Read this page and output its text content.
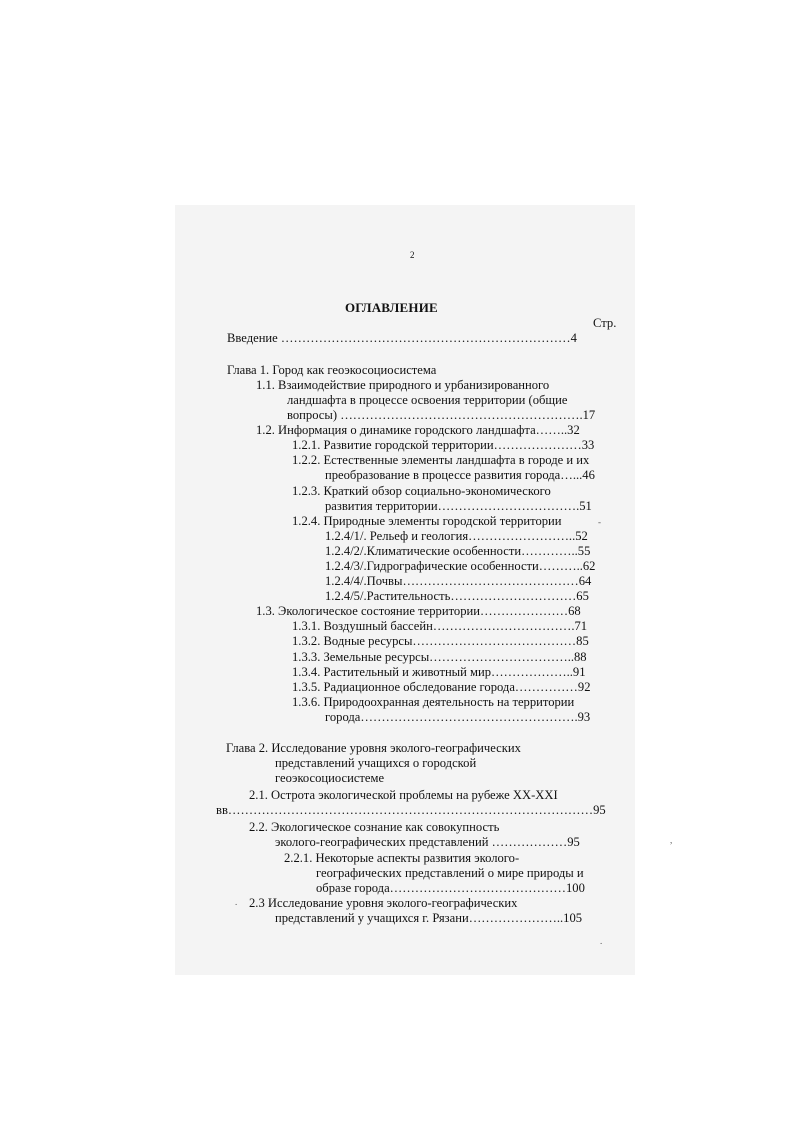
2
ОГЛАВЛЕНИЕ
Стр.
Введение ……………………………………………………………4
Глава 1. Город как геоэкосоциосистема
1.1. Взаимодействие природного и урбанизированного
ландшафта в процессе освоения территории (общие
вопросы) ………………………………………………….17
1.2. Информация о динамике городского ландшафта……..32
1.2.1. Развитие городской территории…………………33
1.2.2. Естественные элементы ландшафта в городе и их
преобразование в процессе развития города…...46
1.2.3. Краткий обзор социально-экономического
развития территории…………………………….51
1.2.4. Природные элементы городской территории
1.2.4/1/. Рельеф и геология……………………..52
1.2.4/2/.Климатические особенности…………..55
1.2.4/3/.Гидрографические особенности………..62
1.2.4/4/.Почвы……………………………………64
1.2.4/5/.Растительность…………………………65
1.3. Экологическое состояние территории…………………68
1.3.1. Воздушный бассейн…………………………….71
1.3.2. Водные ресурсы…………………………………85
1.3.3. Земельные ресурсы……………………………..88
1.3.4. Растительный и животный мир………………..91
1.3.5. Радиационное обследование города……………92
1.3.6. Природоохранная деятельность на территории
города…………………………………………….93
Глава 2. Исследование уровня эколого-географических
представлений учащихся о городской
геоэкосоциосистеме
2.1. Острота экологической проблемы на рубеже XX-XXI
вв……………………………………………………………………………95
2.2. Экологическое сознание как совокупность
эколого-географических представлений ………………95
2.2.1. Некоторые аспекты развития эколого-
географических представлений о мире природы и
образе города……………………………………100
2.3 Исследование уровня эколого-географических
представлений у учащихся г. Рязани…………………..105
-
,
.
.
